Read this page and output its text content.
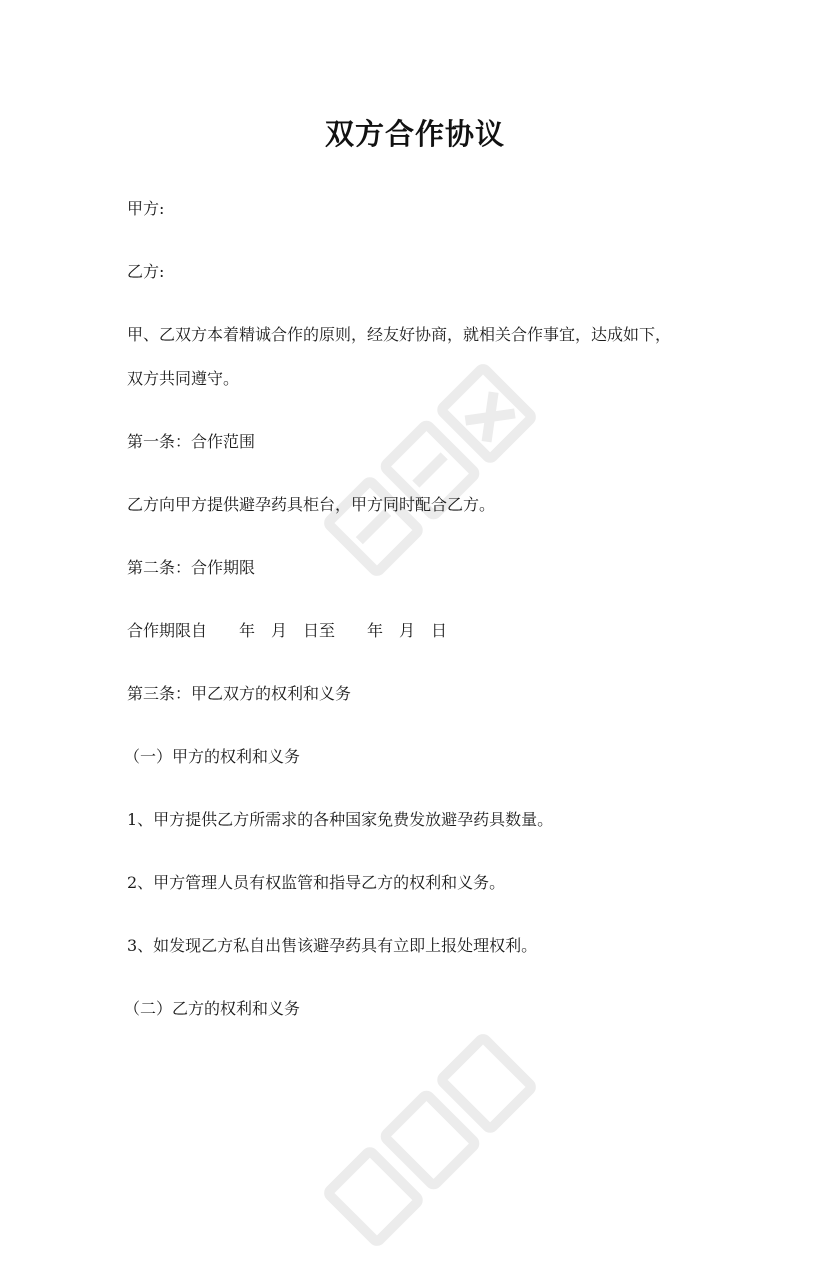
双方合作协议
甲方:
乙方:
甲、乙双方本着精诚合作的原则，经友好协商，就相关合作事宜，达成如下，
双方共同遵守。
第一条：合作范围
乙方向甲方提供避孕药具柜台，甲方同时配合乙方。
第二条：合作期限
合作期限自　　年　月　日至　　年　月　日
第三条：甲乙双方的权利和义务
（一）甲方的权利和义务
1、甲方提供乙方所需求的各种国家免费发放避孕药具数量。
2、甲方管理人员有权监管和指导乙方的权利和义务。
3、如发现乙方私自出售该避孕药具有立即上报处理权利。
（二）乙方的权利和义务
